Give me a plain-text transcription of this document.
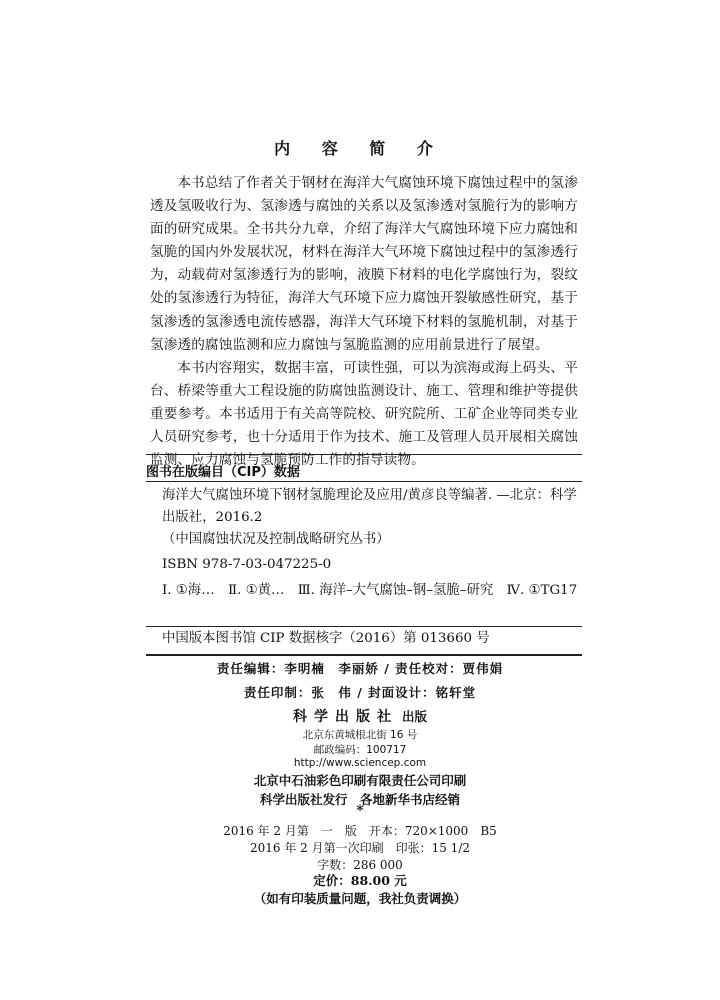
内 容 简 介

本书总结了作者关于钢材在海洋大气腐蚀环境下腐蚀过程中的氢渗透及氢吸收行为、氢渗透与腐蚀的关系以及氢渗透对氢脆行为的影响方面的研究成果。全书共分九章，介绍了海洋大气腐蚀环境下应力腐蚀和氢脆的国内外发展状况，材料在海洋大气环境下腐蚀过程中的氢渗透行为，动载荷对氢渗透行为的影响，液膜下材料的电化学腐蚀行为，裂纹处的氢渗透行为特征，海洋大气环境下应力腐蚀开裂敏感性研究，基于氢渗透的氢渗透电流传感器，海洋大气环境下材料的氢脆机制，对基于氢渗透的腐蚀监测和应力腐蚀与氢脆监测的应用前景进行了展望。

本书内容翔实，数据丰富，可读性强，可以为滨海或海上码头、平台、桥梁等重大工程设施的防腐蚀监测设计、施工、管理和维护等提供重要参考。本书适用于有关高等院校、研究院所、工矿企业等同类专业人员研究参考，也十分适用于作为技术、施工及管理人员开展相关腐蚀监测、应力腐蚀与氢脆预防工作的指导读物。

图书在版编目（CIP）数据
海洋大气腐蚀环境下钢材氢脆理论及应用/黄彦良等编著. —北京：科学出版社，2016.2
（中国腐蚀状况及控制战略研究丛书）
ISBN 978-7-03-047225-0
Ⅰ. ①海…　Ⅱ. ①黄…　Ⅲ. 海洋–大气腐蚀–钢–氢脆–研究　Ⅳ. ①TG17
中国版本图书馆 CIP 数据核字（2016）第 013660 号
责任编辑：李明楠　李丽娇 / 责任校对：贾伟娟
责任印制：张　伟 / 封面设计：铭轩堂
科学出版社 出版
北京东黄城根北街 16 号
邮政编码：100717
http://www.sciencep.com
北京中石油彩色印刷有限责任公司印刷
科学出版社发行　各地新华书店经销
*
2016 年 2 月第　一　版　开本：720×1000　B5
2016 年 2 月第一次印刷　印张：15 1/2
字数：286 000
定价：88.00 元
（如有印装质量问题，我社负责调换）
